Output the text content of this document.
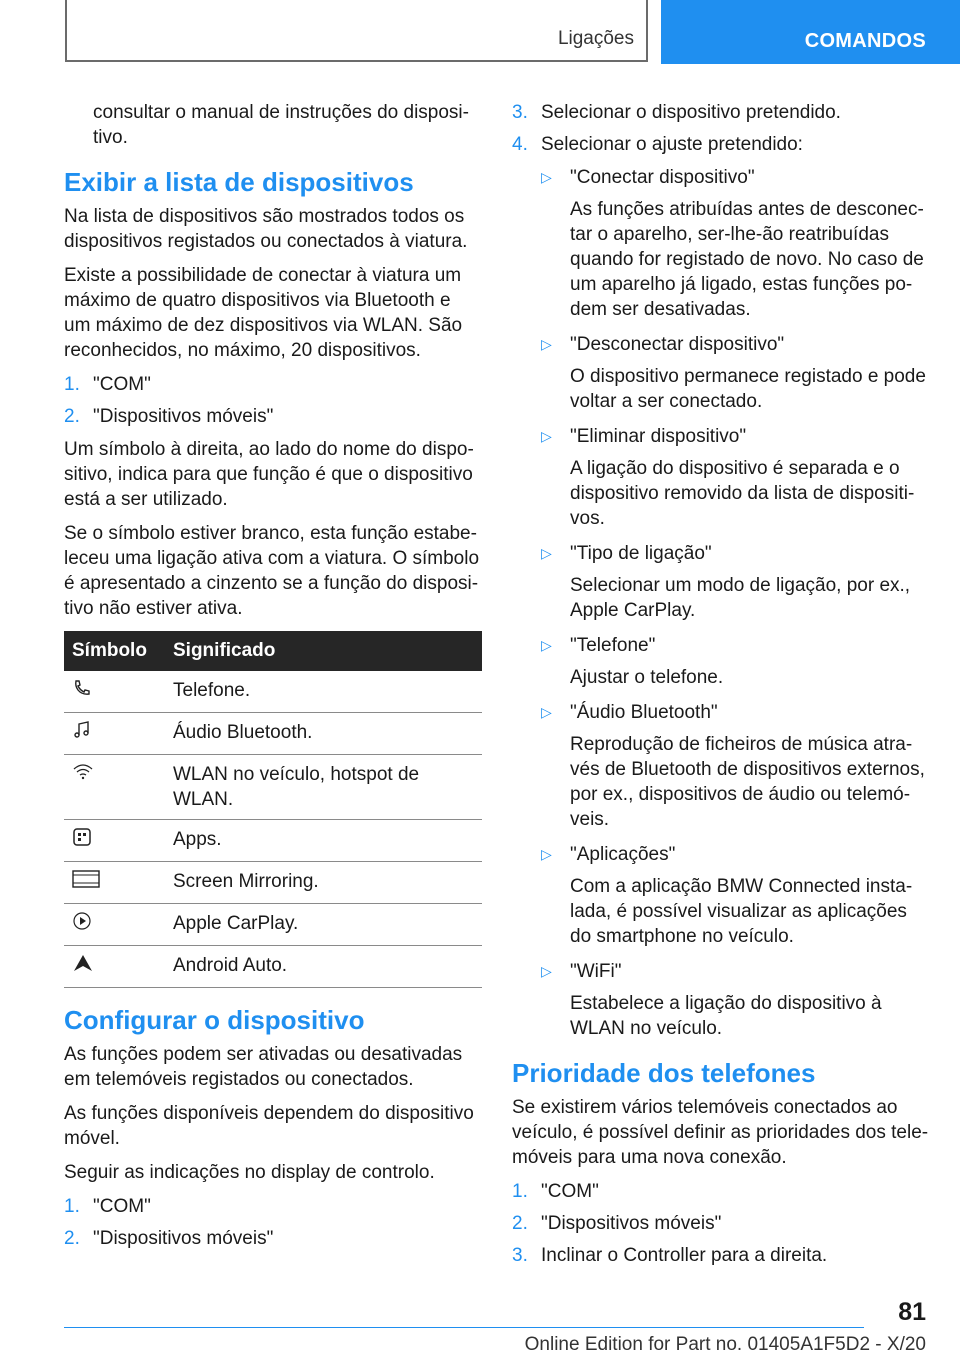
Ligações	COMANDOS

consultar o manual de instruções do dispositivo.

Exibir a lista de dispositivos

Na lista de dispositivos são mostrados todos os dispositivos registados ou conectados à viatura.

Existe a possibilidade de conectar à viatura um máximo de quatro dispositivos via Bluetooth e um máximo de dez dispositivos via WLAN. São reconhecidos, no máximo, 20 dispositivos.

1. "COM"
2. "Dispositivos móveis"

Um símbolo à direita, ao lado do nome do dispositivo, indica para que função é que o dispositivo está a ser utilizado.

Se o símbolo estiver branco, esta função estabeleceu uma ligação ativa com a viatura. O símbolo é apresentado a cinzento se a função do dispositivo não estiver ativa.

Símbolo	Significado
	Telefone.
	Áudio Bluetooth.
	WLAN no veículo, hotspot de WLAN.
	Apps.
	Screen Mirroring.
	Apple CarPlay.
	Android Auto.
Configurar o dispositivo

As funções podem ser ativadas ou desativadas em telemóveis registados ou conectados.

As funções disponíveis dependem do dispositivo móvel.

Seguir as indicações no display de controlo.

1. "COM"
2. "Dispositivos móveis"
3. Selecionar o dispositivo pretendido.
4. Selecionar o ajuste pretendido:
▷ "Conectar dispositivo"
As funções atribuídas antes de desconectar o aparelho, ser-lhe-ão reatribuídas quando for registado de novo. No caso de um aparelho já ligado, estas funções podem ser desativadas.
▷ "Desconectar dispositivo"
O dispositivo permanece registado e pode voltar a ser conectado.
▷ "Eliminar dispositivo"
A ligação do dispositivo é separada e o dispositivo removido da lista de dispositivos.
▷ "Tipo de ligação"
Selecionar um modo de ligação, por ex., Apple CarPlay.
▷ "Telefone"
Ajustar o telefone.
▷ "Áudio Bluetooth"
Reprodução de ficheiros de música através de Bluetooth de dispositivos externos, por ex., dispositivos de áudio ou telemóveis.
▷ "Aplicações"
Com a aplicação BMW Connected instalada, é possível visualizar as aplicações do smartphone no veículo.
▷ "WiFi"
Estabelece a ligação do dispositivo à WLAN no veículo.
Prioridade dos telefones

Se existirem vários telemóveis conectados ao veículo, é possível definir as prioridades dos telemóveis para uma nova conexão.

1. "COM"
2. "Dispositivos móveis"
3. Inclinar o Controller para a direita.
81
Online Edition for Part no. 01405A1F5D2 - X/20
